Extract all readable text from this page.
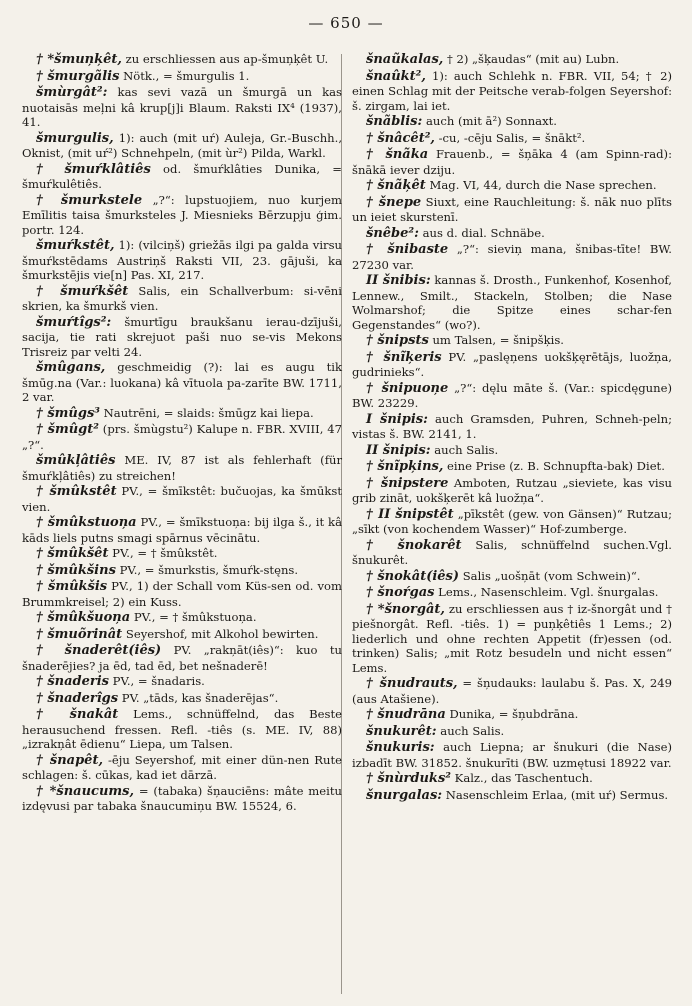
— 650 —

† *šmuņķêt, zu erschliessen aus ap-šmuņķêt U.

† šmurgãlis Nötk., = šmurgulis 1.

šmùrgât²: kas sevi vazā un šmurgā un kas nuotaisās meļni kâ krup[j]i Blaum. Raksti IX⁴ (1937), 41.

šmurgulis, 1): auch (mit uŕ) Auleja, Gr.-Buschh., Oknist, (mit uŕ²) Schnehpeln, (mit ùr²) Pilda, Warkl.

† šmuŕklâtiês od. šmuŕklâties Dunika, = šmuŕkulêtiês.

† šmurkstele „?“: lupstuojiem, nuo kurjem Emīlitis taisa šmurksteles J. Miesnieks Bērzupju ģim. portr. 124.

šmuŕkstêt, 1): (vilciņš) griežās ilgi pa galda virsu šmuŕkstēdams Austriņš Raksti VII, 23. gājuši, ka šmurkstējis vie[n] Pas. XI, 217.

† šmuŕkšêt Salis, ein Schallverbum: si-vēni skrien, ka šmurkš vien.

šmuŕtîgs²: šmurtīgu braukšanu ierau-dzījuši, sacija, tie rati skrejuot paši nuo se-vis Mekons Trisreiz par velti 24.

šmûgans, geschmeidig (?): lai es augu tik šmūg.na (Var.: luokana) kâ vītuola pa-zarīte BW. 1711, 2 var.

† šmûgs³ Nautrēni, = slaids: šmūgz kai liepa.

† šmûgt² (prs. šmùgstu²) Kalupe n. FBR. XVIII, 47 „?“.

šmûkļâtiês ME. IV, 87 ist als fehlerhaft (für šmuŕkļâtiês) zu streichen!

† šmûkstêt PV., = šmīkstêt: bučuojas, ka šmūkst vien.

† šmûkstuoņa PV., = šmīkstuoņa: bij ilga š., it kâ kāds liels putns smagi spārnus vēcinātu.

† šmûkšêt PV., = † šmûkstêt.

† šmûkšins PV., = šmurkstis, šmuŕk-stęns.

† šmûkšis PV., 1) der Schall vom Küs-sen od. vom Brummkreisel; 2) ein Kuss.

† šmûkšuoņa PV., = † šmûkstuoņa.

† šmuõrinât Seyershof, mit Alkohol bewirten.

† šnaderêt(iês) PV. „rakņāt(iês)“: kuo tu šnaderējies? ja ēd, tad ēd, bet nešnaderē!

† šnaderis PV., = šnadaris.

† šnaderîgs PV. „tāds, kas šnaderējas“.

† šnakât Lems., schnüffelnd, das Beste herausuchend fressen. Refl. -tiês (s. ME. IV, 88) „izrakņât ēdienu“ Liepa, um Talsen.

† šnapêt, -ēju Seyershof, mit einer dün-nen Rute schlagen: š. cūkas, kad iet dārzā.

† *šnaucums, = (tabaka) šņauciēns: mâte meitu izdęvusi par tabaka šnaucumiņu BW. 15524, 6.

šnaũkalas, † 2) „šķaudas“ (mit au) Lubn.

šnaûkt², 1): auch Schlehk n. FBR. VII, 54; † 2) einen Schlag mit der Peitsche verab-folgen Seyershof: š. zirgam, lai iet.

šnãblis: auch (mit ā²) Sonnaxt.

† šnâcêt², -cu, -cēju Salis, = šnākt².

† šnãka Frauenb., = šņāka 4 (am Spinn-rad): šnākā iever dziju.

† šnãķêt Mag. VI, 44, durch die Nase sprechen.

† šnepe Siuxt, eine Rauchleitung: š. nāk nuo plīts un ieiet skurstenī.

šnêbe²: aus d. dial. Schnäbe.

† šnibaste „?“: sieviņ mana, šnibas-tīte! BW. 27230 var.

II šnibis: kannas š. Drosth., Funkenhof, Kosenhof, Lennew., Smilt., Stackeln, Stolben; die Nase Wolmarshof; die Spitze eines schar-fen Gegenstandes“ (wo?).

† šnipsts um Talsen, = šnipšķis.

† šnĩķeris PV. „paslęņens uokšķęrētājs, luožņa, gudrinieks“.

† šnipuoņe „?“: dęlu māte š. (Var.: spicdęgune) BW. 23229.

I šnipis: auch Gramsden, Puhren, Schneh-peln; vistas š. BW. 2141, 1.

II šnipis: auch Salis.

† šnĩpķins, eine Prise (z. B. Schnupfta-bak) Diet.

† šnipstere Amboten, Rutzau „sieviete, kas visu grib zināt, uokšķerēt kâ luožņa“.

† II šnipstêt „pīkstêt (gew. von Gänsen)“ Rutzau; „sīkt (von kochendem Wasser)“ Hof-zumberge.

† šnokarêt Salis, schnüffelnd suchen.Vgl. šnukurêt.

† šnokât(iês) Salis „uošņāt (vom Schwein)“.

† šnoŕgas Lems., Nasenschleim. Vgl. šnurgalas.

† *šnorgât, zu erschliessen aus † iz-šnorgât und † piešnorgât. Refl. -tiês. 1) = puņķêtiês 1 Lems.; 2) liederlich und ohne rechten Appetit (fr)essen (od. trinken) Salis; „mit Rotz besudeln und nicht essen“ Lems.

† šnudrauts, = šņudauks: laulabu š. Pas. X, 249 (aus Atašiene).

† šnudrāna Dunika, = šņubdrāna.

šnukurêt: auch Salis.

šnukuris: auch Liepna; ar šnukuri (die Nase) izbadīt BW. 31852. šnukurīti (BW. uzmętusi 18922 var.

† šnùrduks² Kalz., das Taschentuch.

šnurgalas: Nasenschleim Erlaa, (mit uŕ) Sermus.
